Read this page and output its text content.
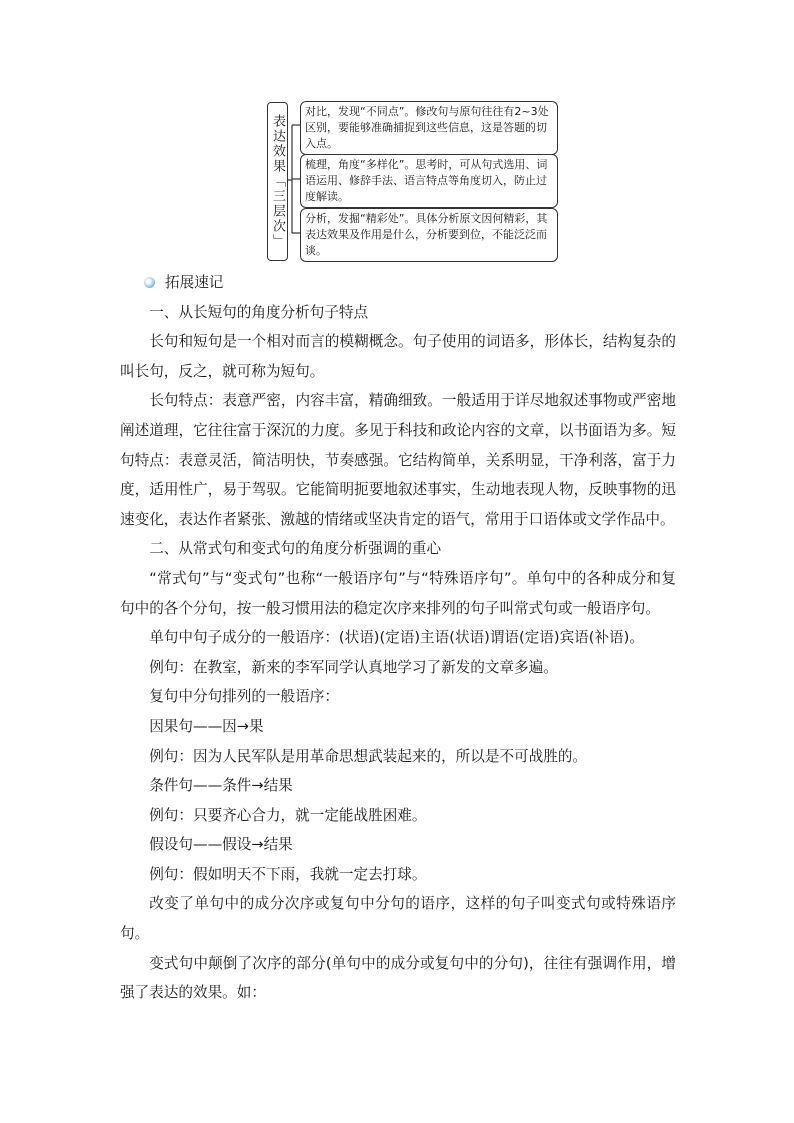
表达效果「三层次」
对比，发现“不同点”。修改句与原句往往有2~3处区别，要能够准确捕捉到这些信息，这是答题的切入点。
梳理，角度“多样化”。思考时，可从句式选用、词语运用、修辞手法、语言特点等角度切入，防止过度解读。
分析，发掘“精彩处”。具体分析原文因何精彩，其表达效果及作用是什么，分析要到位，不能泛泛而谈。
拓展速记

一、从长短句的角度分析句子特点

长句和短句是一个相对而言的模糊概念。句子使用的词语多，形体长，结构复杂的叫长句，反之，就可称为短句。

长句特点：表意严密，内容丰富，精确细致。一般适用于详尽地叙述事物或严密地阐述道理，它往往富于深沉的力度。多见于科技和政论内容的文章，以书面语为多。短句特点：表意灵活，简洁明快，节奏感强。它结构简单，关系明显，干净利落，富于力度，适用性广，易于驾驭。它能简明扼要地叙述事实，生动地表现人物，反映事物的迅速变化，表达作者紧张、激越的情绪或坚决肯定的语气，常用于口语体或文学作品中。

二、从常式句和变式句的角度分析强调的重心

“常式句”与“变式句”也称“一般语序句”与“特殊语序句”。单句中的各种成分和复句中的各个分句，按一般习惯用法的稳定次序来排列的句子叫常式句或一般语序句。

单句中句子成分的一般语序：(状语)(定语)主语(状语)谓语(定语)宾语(补语)。

例句：在教室，新来的李军同学认真地学习了新发的文章多遍。

复句中分句排列的一般语序：

因果句——因→果

例句：因为人民军队是用革命思想武装起来的，所以是不可战胜的。

条件句——条件→结果

例句：只要齐心合力，就一定能战胜困难。

假设句——假设→结果

例句：假如明天不下雨，我就一定去打球。

改变了单句中的成分次序或复句中分句的语序，这样的句子叫变式句或特殊语序句。

变式句中颠倒了次序的部分(单句中的成分或复句中的分句)，往往有强调作用，增强了表达的效果。如：
